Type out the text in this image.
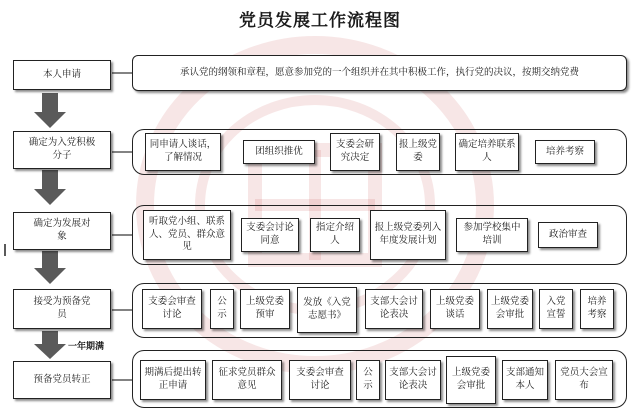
党员发展工作流程图
一年期满
本人申请	承认党的纲领和章程，愿意参加党的一个组织并在其中积极工作，执行党的决议，按期交纳党费
确定为入党积极分子
同申请人谈话，了解情况
团组织推优
支委会研究决定
报上级党委
确定培养联系人
培养考察
确定为发展对象
听取党小组、联系人、党员、群众意见
支委会讨论同意
指定介绍人
报上级党委列入年度发展计划
参加学校集中培训
政治审查
接受为预备党员
支委会审查讨论
公示
上级党委预审
发放《入党志愿书》
支部大会讨论表决
上级党委谈话
上级党委会审批
入党宣誓
培养考察
预备党员转正
期满后提出转正申请
征求党员群众意见
支委会审查讨论
公示
支部大会讨论表决
上级党委会审批
支部通知本人
党员大会宣布
